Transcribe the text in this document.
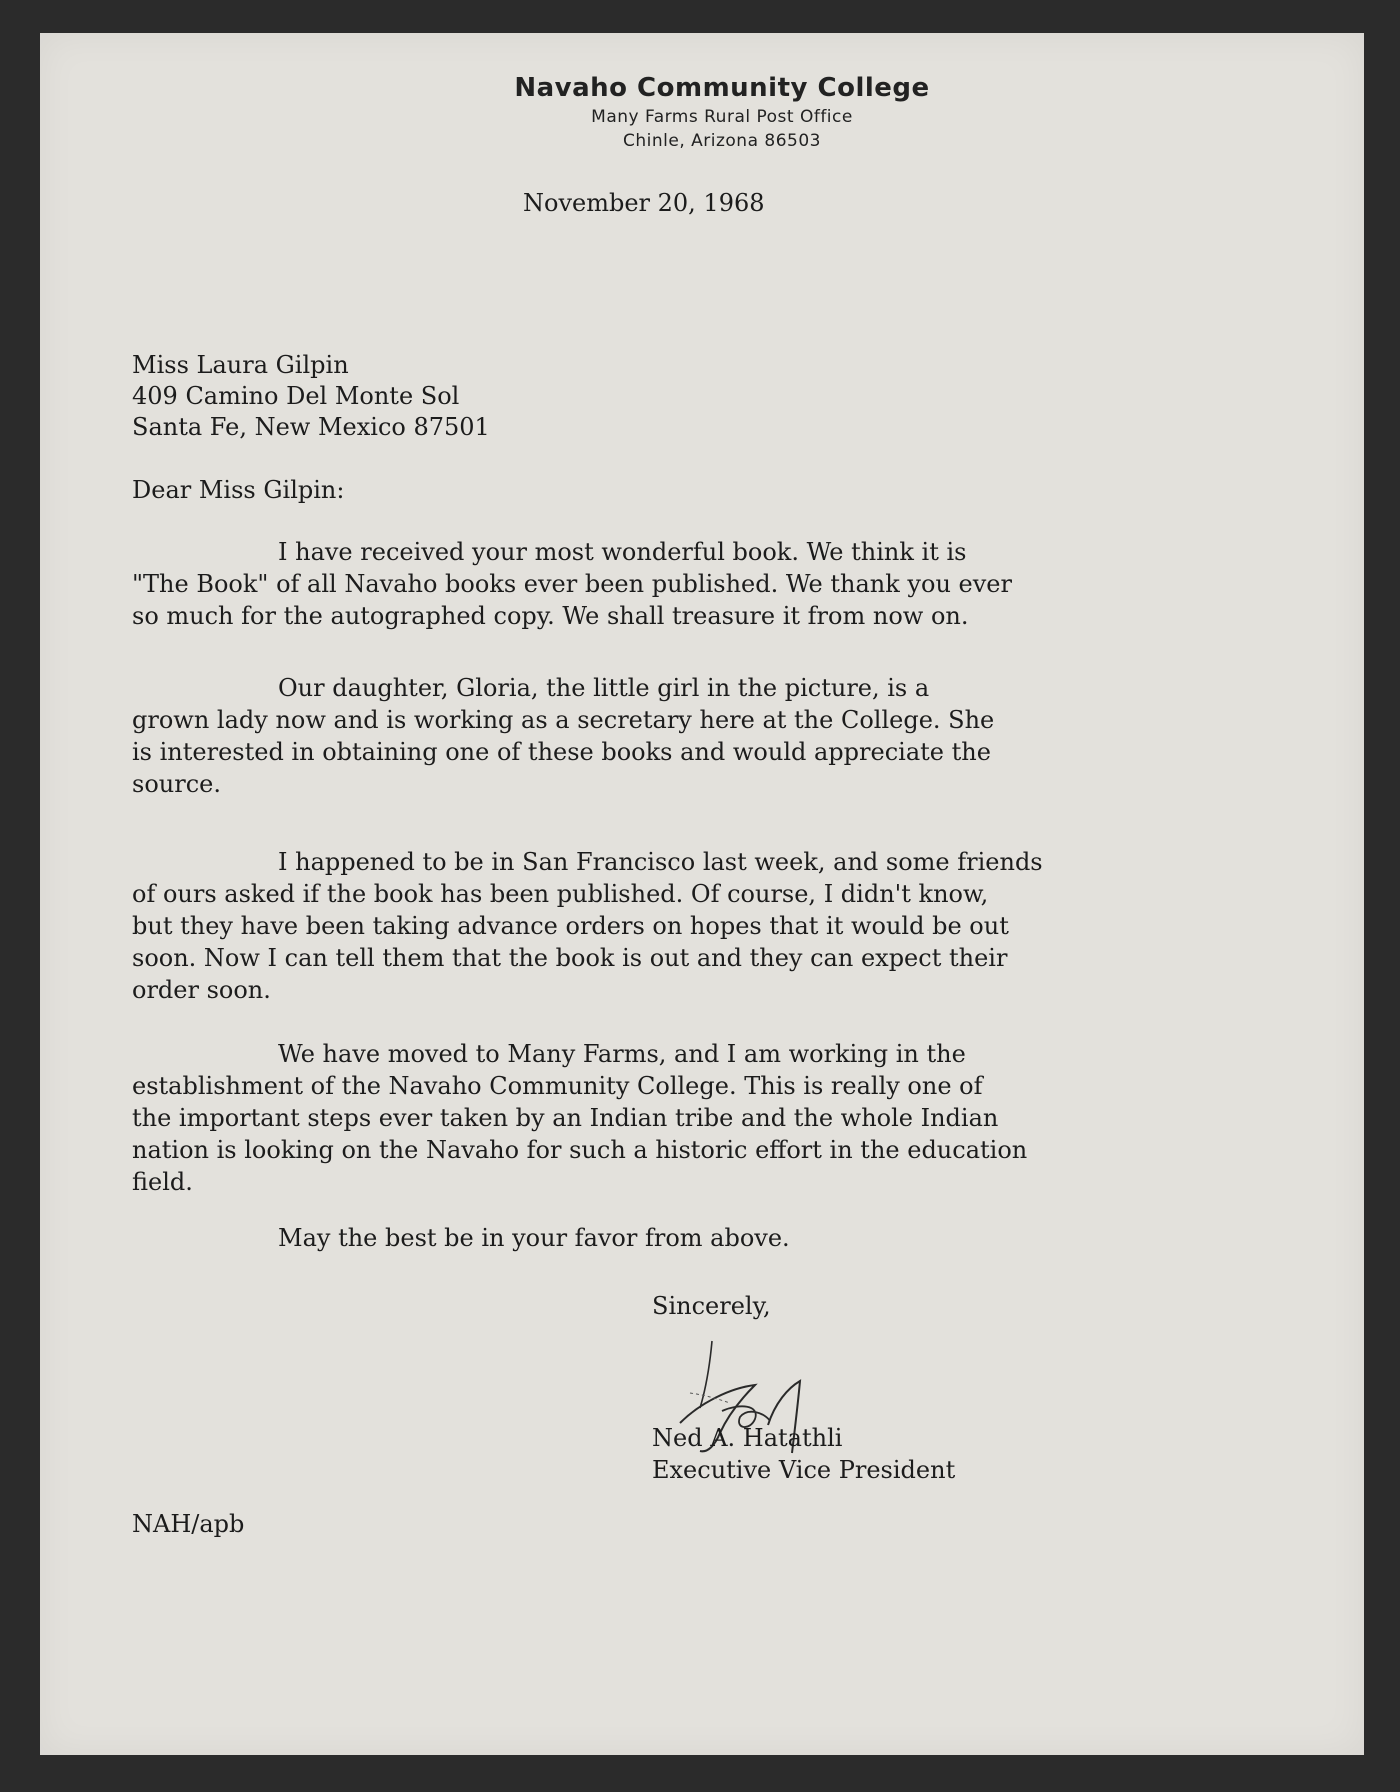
Navaho Community College
Many Farms Rural Post Office
Chinle, Arizona 86503
November 20, 1968
Miss Laura Gilpin
409 Camino Del Monte Sol
Santa Fe, New Mexico 87501
Dear Miss Gilpin:
I have received your most wonderful book. We think it is
"The Book" of all Navaho books ever been published. We thank you ever
so much for the autographed copy. We shall treasure it from now on.
Our daughter, Gloria, the little girl in the picture, is a
grown lady now and is working as a secretary here at the College. She
is interested in obtaining one of these books and would appreciate the
source.
I happened to be in San Francisco last week, and some friends
of ours asked if the book has been published. Of course, I didn't know,
but they have been taking advance orders on hopes that it would be out
soon. Now I can tell them that the book is out and they can expect their
order soon.
We have moved to Many Farms, and I am working in the
establishment of the Navaho Community College. This is really one of
the important steps ever taken by an Indian tribe and the whole Indian
nation is looking on the Navaho for such a historic effort in the education
field.
May the best be in your favor from above.
Sincerely,
Ned A. Hatathli
Executive Vice President
NAH/apb
